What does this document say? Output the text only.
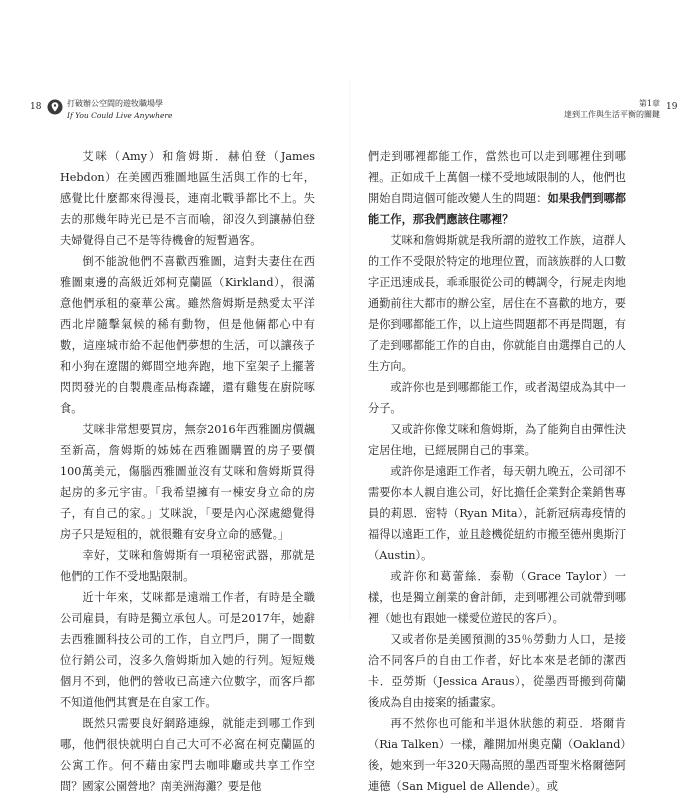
18	打破辦公空間的遊牧職場學
If You Could Live Anywhere

艾咪（Amy）和詹姆斯．赫伯登（James Hebdon）在美國西雅圖地區生活與工作的七年，感覺比什麼都來得漫長，連南北戰爭都比不上。失去的那幾年時光已是不言而喻，卻沒久到讓赫伯登夫婦覺得自己不是等待機會的短暫過客。

倒不能說他們不喜歡西雅圖，這對夫妻住在西雅圖東邊的高級近郊柯克蘭區（Kirkland），很滿意他們承租的豪華公寓。雖然詹姆斯是熱愛太平洋西北岸隨擊氣候的稀有動物，但是他倆都心中有數，這座城市給不起他們夢想的生活，可以讓孩子和小狗在遼闊的鄉間空地奔跑，地下室架子上擺著閃閃發光的自製農產品梅森罐，還有雞隻在廚院啄食。

艾咪非常想要買房，無奈2016年西雅圖房價飆至新高，詹姆斯的姊姊在西雅圖購置的房子要價100萬美元，傷腦西雅圖並沒有艾咪和詹姆斯買得起房的多元宇宙。「我希望擁有一棟安身立命的房子，有自己的家。」艾咪說，「要是內心深處總覺得房子只是短租的，就很難有安身立命的感覺。」

幸好，艾咪和詹姆斯有一項秘密武器，那就是他們的工作不受地點限制。

近十年來，艾咪都是遠端工作者，有時是全職公司雇員，有時是獨立承包人。可是2017年，她辭去西雅圖科技公司的工作，自立門戶，開了一間數位行銷公司，沒多久詹姆斯加入她的行列。短短幾個月不到，他們的營收已高達六位數字，而客戶都不知道他們其實是在自家工作。

既然只需要良好網路連線，就能走到哪工作到哪，他們很快就明白自己大可不必窩在柯克蘭區的公寓工作。何不藉由家門去咖啡廳或共享工作空間？國家公園營地？南美洲海灘？要是他

19
第1章
達到工作與生活平衡的關鍵

們走到哪裡都能工作，當然也可以走到哪裡住到哪裡。正如成千上萬個一樣不受地域限制的人，他們也開始自問這個可能改變人生的問題：如果我們到哪都能工作，那我們應該住哪裡？

艾咪和詹姆斯就是我所謂的遊牧工作族，這群人的工作不受限於特定的地理位置，而該族群的人口數字正迅速成長，乖乖服從公司的轉調令，行屍走肉地通勤前往大都市的辦公室，居住在不喜歡的地方，要是你到哪都能工作，以上這些問題都不再是問題，有了走到哪都能工作的自由，你就能自由選擇自己的人生方向。

或許你也是到哪都能工作，或者渴望成為其中一分子。

又或許你像艾咪和詹姆斯，為了能夠自由彈性決定居住地，已經展開自己的事業。

或許你是遠距工作者，每天朝九晚五，公司卻不需要你本人親自進公司，好比擔任企業對企業銷售專員的莉恩．密特（Ryan Mita），託新冠病毒疫情的福得以遠距工作，並且趁機從紐約市搬至德州奧斯汀（Austin）。

或許你和葛蕾絲．泰勒（Grace Taylor）一樣，也是獨立創業的會計師，走到哪裡公司就帶到哪裡（她也有跟她一樣愛位遊民的客戶）。

又或者你是美國預測的35％勞動力人口，是接洽不同客戶的自由工作者，好比本來是老師的潔西卡．亞勞斯（Jessica Araus），從墨西哥搬到荷蘭後成為自由接案的插畫家。

再不然你也可能和半退休狀態的莉亞．塔爾肯（Ria Talken）一樣，離開加州奧克蘭（Oakland）後，她來到一年320天陽高照的墨西哥聖米格爾德阿連德（San Miguel de Allende）。或
